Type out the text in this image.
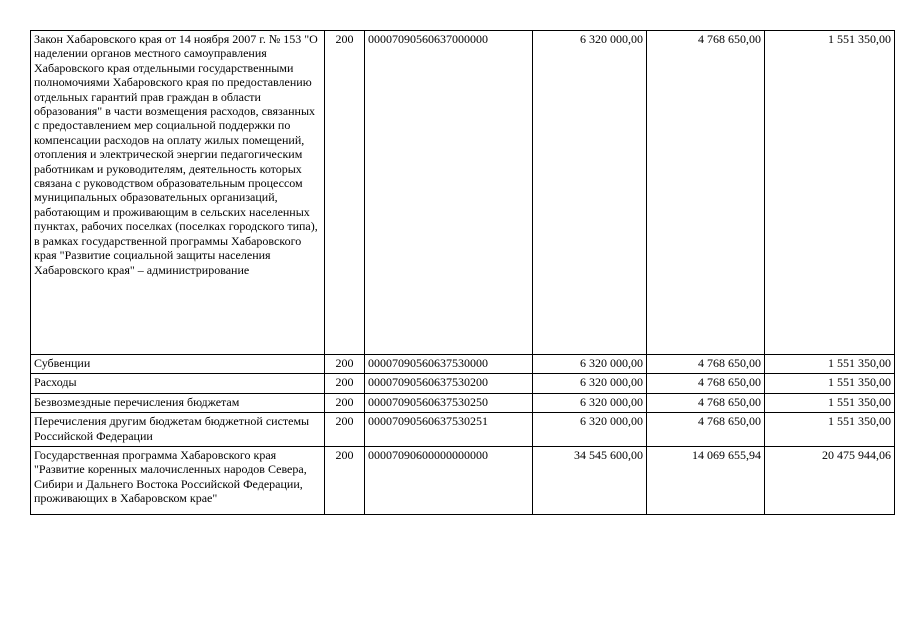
Закон Хабаровского края от 14 ноября 2007 г. № 153 "О наделении органов местного самоуправления Хабаровского края отдельными государственными полномочиями Хабаровского края по предоставлению отдельных гарантий прав граждан в области образования" в части возмещения расходов, связанных с предоставлением мер социальной поддержки по компенсации расходов на оплату жилых помещений, отопления и электрической энергии педагогическим работникам и руководителям, деятельность которых связана с руководством образовательным процессом муниципальных образовательных организаций, работающим и проживающим в сельских населенных пунктах, рабочих поселках (поселках городского типа), в рамках государственной программы Хабаровского края "Развитие социальной защиты населения Хабаровского края" – администрирование	200	00007090560637000000	6 320 000,00	4 768 650,00	1 551 350,00
Субвенции	200	00007090560637530000	6 320 000,00	4 768 650,00	1 551 350,00
Расходы	200	00007090560637530200	6 320 000,00	4 768 650,00	1 551 350,00
Безвозмездные перечисления бюджетам	200	00007090560637530250	6 320 000,00	4 768 650,00	1 551 350,00
Перечисления другим бюджетам бюджетной системы Российской Федерации	200	00007090560637530251	6 320 000,00	4 768 650,00	1 551 350,00
Государственная программа Хабаровского края "Развитие коренных малочисленных народов Севера, Сибири и Дальнего Востока Российской Федерации, проживающих в Хабаровском крае"	200	00007090600000000000	34 545 600,00	14 069 655,94	20 475 944,06
